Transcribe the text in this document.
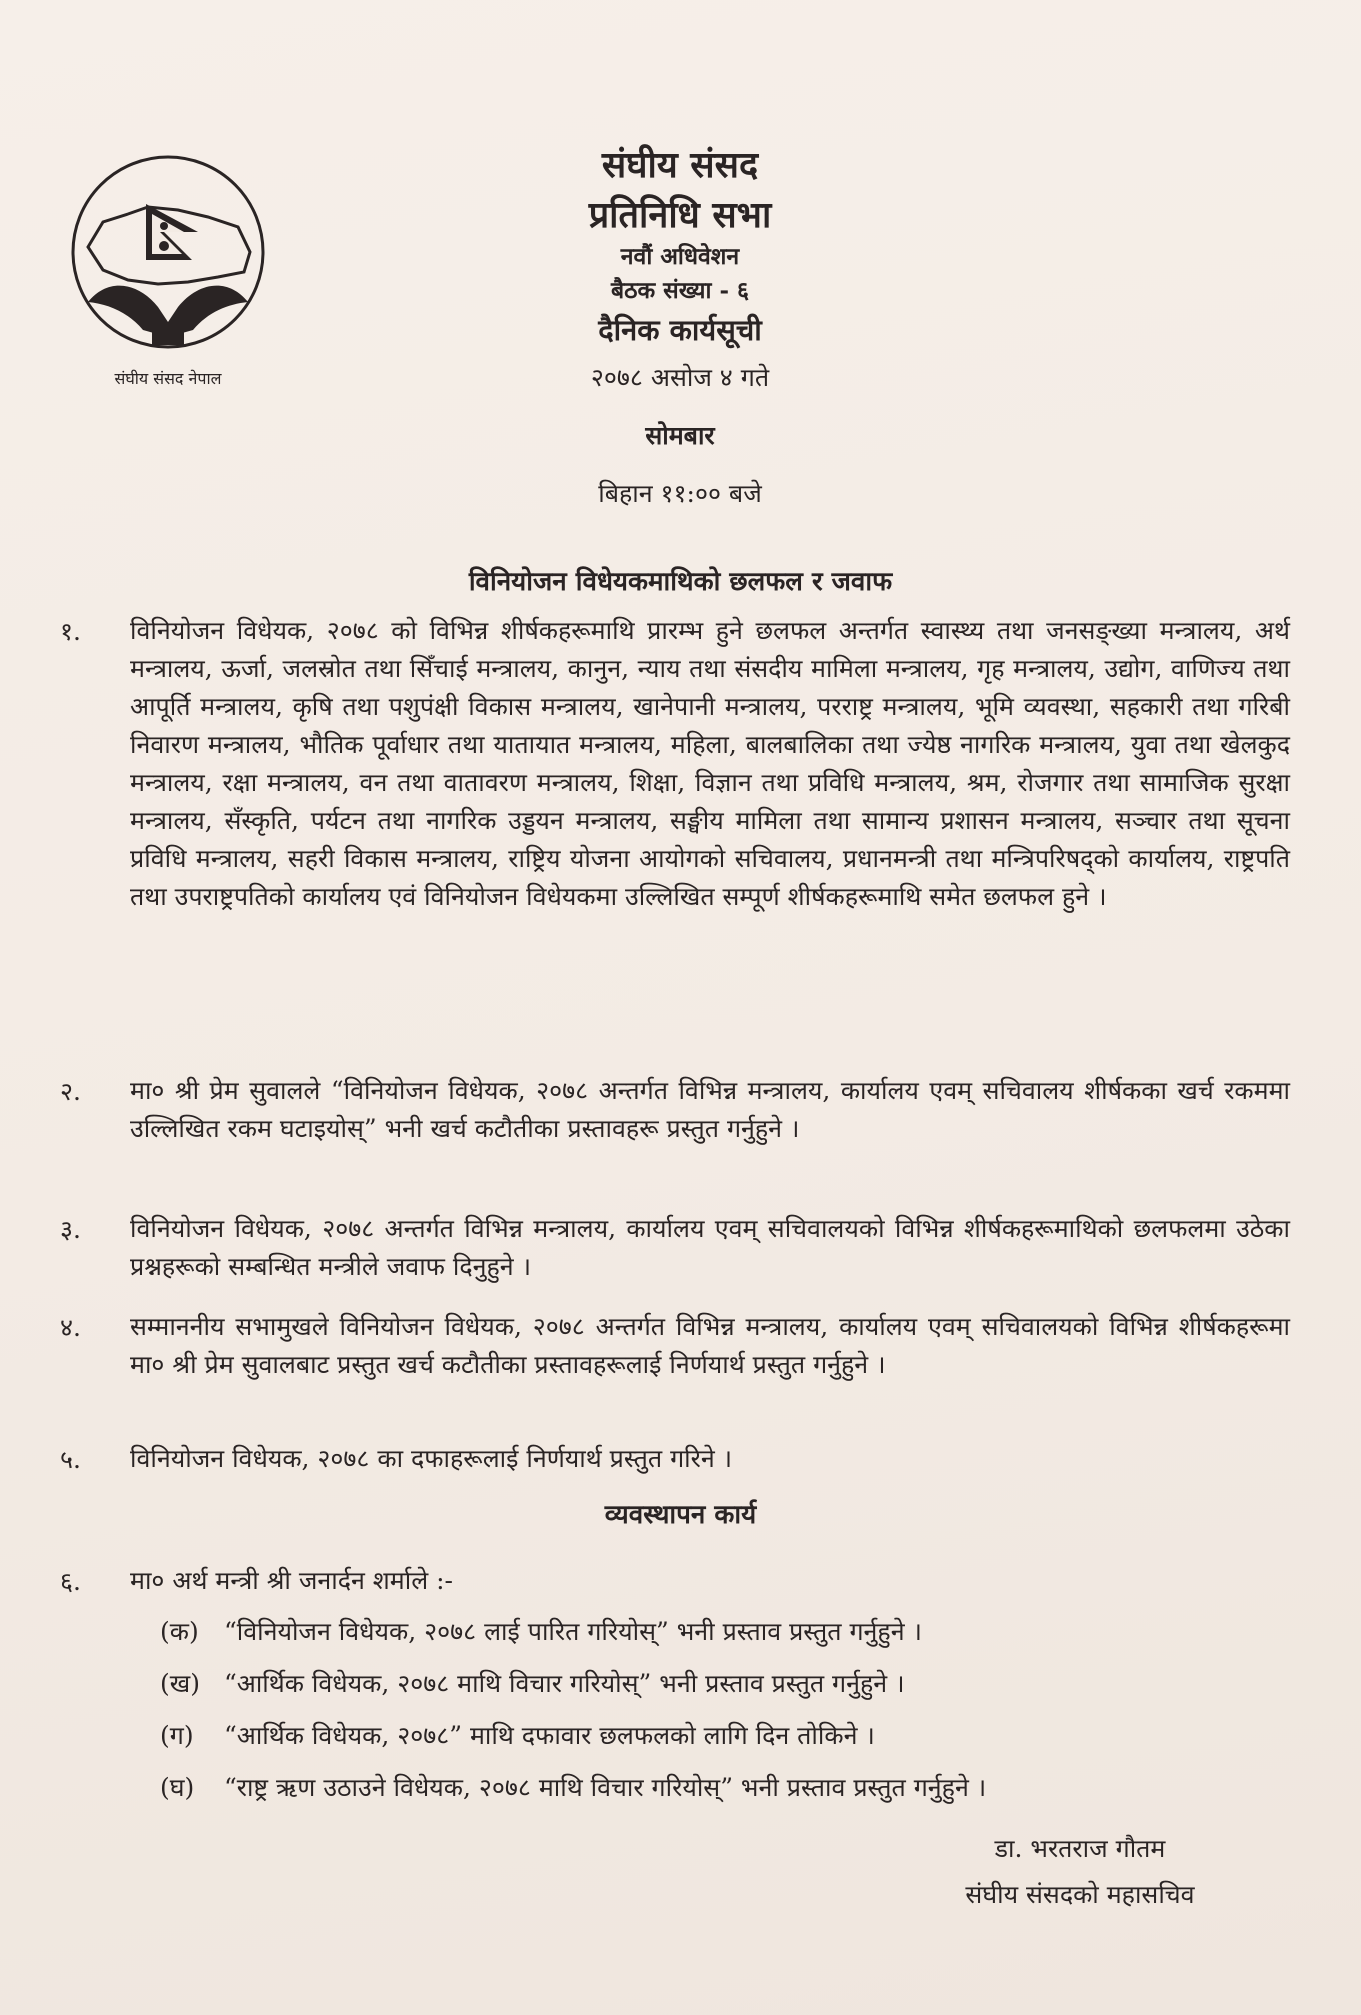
संघीय संसद नेपाल
संघीय संसद
प्रतिनिधि सभा
नवौं अधिवेशन
बैठक संख्या - ६
दैनिक कार्यसूची
२०७८ असोज ४ गते
सोमबार
बिहान ११:०० बजे
विनियोजन विधेयकमाथिको छलफल र जवाफ
१.	विनियोजन विधेयक, २०७८ को विभिन्न शीर्षकहरूमाथि प्रारम्भ हुने छलफल अन्तर्गत स्वास्थ्य तथा जनसङ्ख्या मन्त्रालय, अर्थ मन्त्रालय, ऊर्जा, जलस्रोत तथा सिँचाई मन्त्रालय, कानुन, न्याय तथा संसदीय मामिला मन्त्रालय, गृह मन्त्रालय, उद्योग, वाणिज्य तथा आपूर्ति मन्त्रालय, कृषि तथा पशुपंक्षी विकास मन्त्रालय, खानेपानी मन्त्रालय, परराष्ट्र मन्त्रालय, भूमि व्यवस्था, सहकारी तथा गरिबी निवारण मन्त्रालय, भौतिक पूर्वाधार तथा यातायात मन्त्रालय, महिला, बालबालिका तथा ज्येष्ठ नागरिक मन्त्रालय, युवा तथा खेलकुद मन्त्रालय, रक्षा मन्त्रालय, वन तथा वातावरण मन्त्रालय, शिक्षा, विज्ञान तथा प्रविधि मन्त्रालय, श्रम, रोजगार तथा सामाजिक सुरक्षा मन्त्रालय, सँस्कृति, पर्यटन तथा नागरिक उड्डयन मन्त्रालय, सङ्घीय मामिला तथा सामान्य प्रशासन मन्त्रालय, सञ्चार तथा सूचना प्रविधि मन्त्रालय, सहरी विकास मन्त्रालय, राष्ट्रिय योजना आयोगको सचिवालय, प्रधानमन्त्री तथा मन्त्रिपरिषद्को कार्यालय, राष्ट्रपति तथा उपराष्ट्रपतिको कार्यालय एवं विनियोजन विधेयकमा उल्लिखित सम्पूर्ण शीर्षकहरूमाथि समेत छलफल हुने ।
२.	मा० श्री प्रेम सुवालले “विनियोजन विधेयक, २०७८ अन्तर्गत विभिन्न मन्त्रालय, कार्यालय एवम् सचिवालय शीर्षकका खर्च रकममा उल्लिखित रकम घटाइयोस्” भनी खर्च कटौतीका प्रस्तावहरू प्रस्तुत गर्नुहुने ।
३.	विनियोजन विधेयक, २०७८ अन्तर्गत विभिन्न मन्त्रालय, कार्यालय एवम् सचिवालयको विभिन्न शीर्षकहरूमाथिको छलफलमा उठेका प्रश्नहरूको सम्बन्धित मन्त्रीले जवाफ दिनुहुने ।
४.	सम्माननीय सभामुखले विनियोजन विधेयक, २०७८ अन्तर्गत विभिन्न मन्त्रालय, कार्यालय एवम् सचिवालयको विभिन्न शीर्षकहरूमा मा० श्री प्रेम सुवालबाट प्रस्तुत खर्च कटौतीका प्रस्तावहरूलाई निर्णयार्थ प्रस्तुत गर्नुहुने ।
५.	विनियोजन विधेयक, २०७८ का दफाहरूलाई निर्णयार्थ प्रस्तुत गरिने ।
व्यवस्थापन कार्य
६.	मा० अर्थ मन्त्री श्री जनार्दन शर्माले :-
(क) “विनियोजन विधेयक, २०७८ लाई पारित गरियोस्” भनी प्रस्ताव प्रस्तुत गर्नुहुने ।
(ख) “आर्थिक विधेयक, २०७८ माथि विचार गरियोस्” भनी प्रस्ताव प्रस्तुत गर्नुहुने ।
(ग) “आर्थिक विधेयक, २०७८” माथि दफावार छलफलको लागि दिन तोकिने ।
(घ) “राष्ट्र ऋण उठाउने विधेयक, २०७८ माथि विचार गरियोस्” भनी प्रस्ताव प्रस्तुत गर्नुहुने ।
डा. भरतराज गौतम
संघीय संसदको महासचिव
